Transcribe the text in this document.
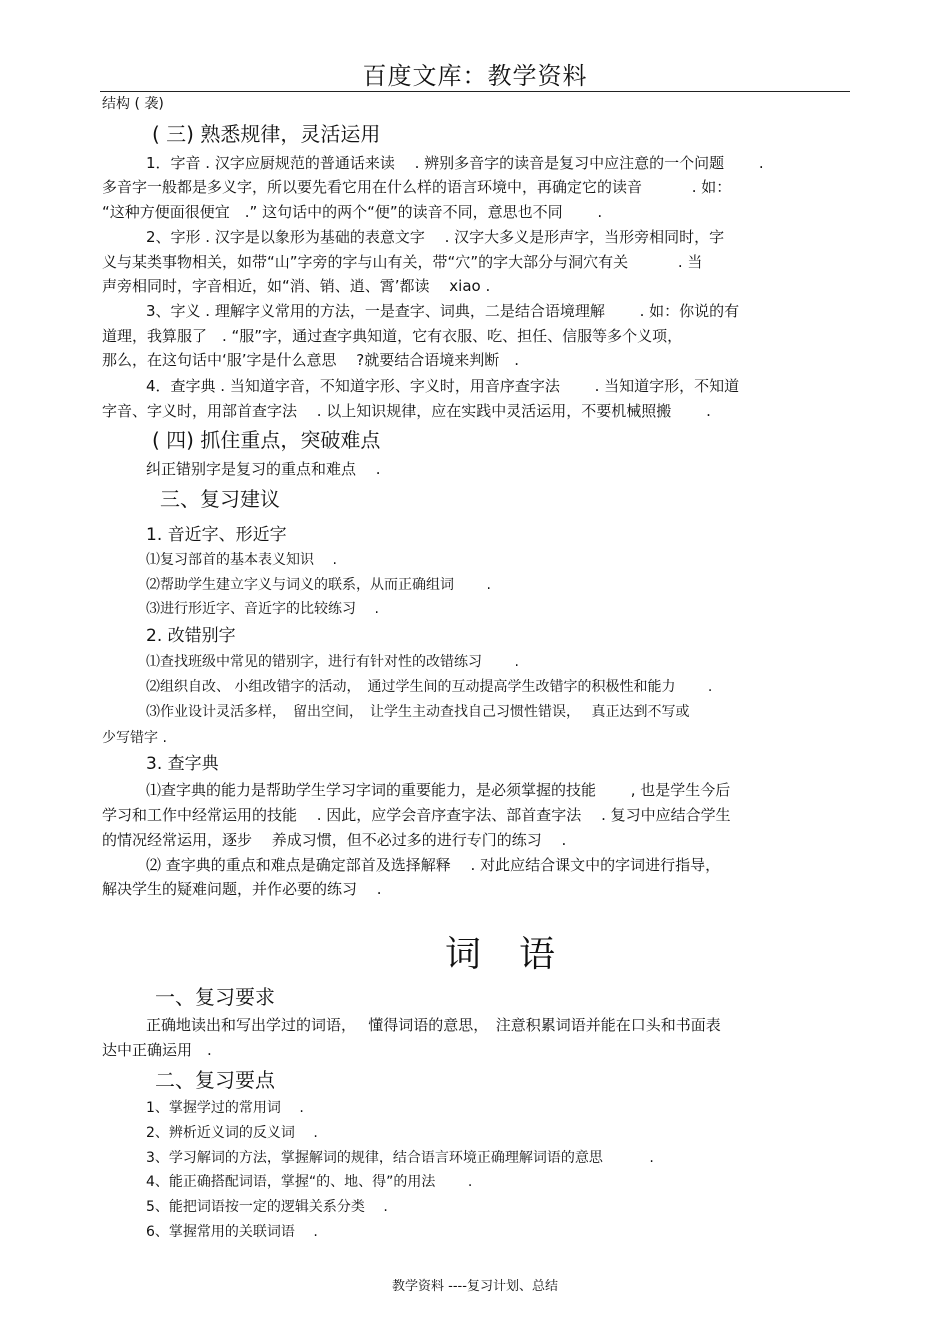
百度文库：教学资料
结构 ( 袭)
( 三) 熟悉规律，灵活运用
1．字音 . 汉字应厨规范的普通话来读　 . 辨别多音字的读音是复习中应注意的一个问题　　 .
多音字一般都是多义字，所以要先看它用在什么样的语言环境中，再确定它的读音　　　 . 如：
“这种方便面很便宜　.” 这句话中的两个“便”的读音不同，意思也不同　　 .
2、字形 . 汉字是以象形为基础的表意文字　 . 汉字大多义是形声字，当形旁相同时，字
义与某类事物相关，如带“山”字旁的字与山有关，带“穴”的字大部分与洞穴有关　　　 . 当
声旁相同时，字音相近，如“消、销、逍、霄’都读　 xiao .
3、字义 . 理解字义常用的方法，一是查字、词典，二是结合语境理解　　 . 如：你说的有
道理，我算服了　. “服”字，通过查字典知道，它有衣服、吃、担任、信服等多个义项，
那么，在这句话中‘服’字是什么意思　 ?就要结合语境来判断　.
4．查字典 . 当知道字音，不知道字形、字义时，用音序查字法　　 . 当知道字形，不知道
字音、字义时，用部首查字法　 . 以上知识规律，应在实践中灵活运用，不要机械照搬　　 .
( 四) 抓住重点，突破难点
纠正错别字是复习的重点和难点　 .
三、复习建议
1. 音近字、形近字
⑴复习部首的基本表义知识　 .
⑵帮助学生建立字义与词义的联系，从而正确组词　　 .
⑶进行形近字、音近字的比较练习　 .
2. 改错别字
⑴查找班级中常见的错别字，进行有针对性的改错练习　　 .
⑵组织自改、 小组改错字的活动，　通过学生间的互动提高学生改错字的积极性和能力　　 .
⑶作业设计灵活多样，　留出空间，　让学生主动查找自己习惯性错误，　 真正达到不写或
少写错字 .
3. 查字典
⑴查字典的能力是帮助学生学习字词的重要能力，是必须掌握的技能　　 , 也是学生今后
学习和工作中经常运用的技能　 . 因此，应学会音序查字法、部首查字法　 . 复习中应结合学生
的情况经常运用，逐步　 养成习惯，但不必过多的进行专门的练习　 .
⑵ 查字典的重点和难点是确定部首及选择解释　 . 对此应结合课文中的字词进行指导，
解决学生的疑难问题，并作必要的练习　 .
词语
一、复习要求
正确地读出和写出学过的词语，　 懂得词语的意思，　注意积累词语并能在口头和书面表
达中正确运用　.
二、复习要点
1、掌握学过的常用词　 .
2、辨析近义词的反义词　 .
3、学习解词的方法，掌握解词的规律，结合语言环境正确理解词语的意思　　　 .
4、能正确搭配词语，掌握“的、地、得”的用法　　 .
5、能把词语按一定的逻辑关系分类　 .
6、掌握常用的关联词语　 .
教学资料 ----复习计划、总结
